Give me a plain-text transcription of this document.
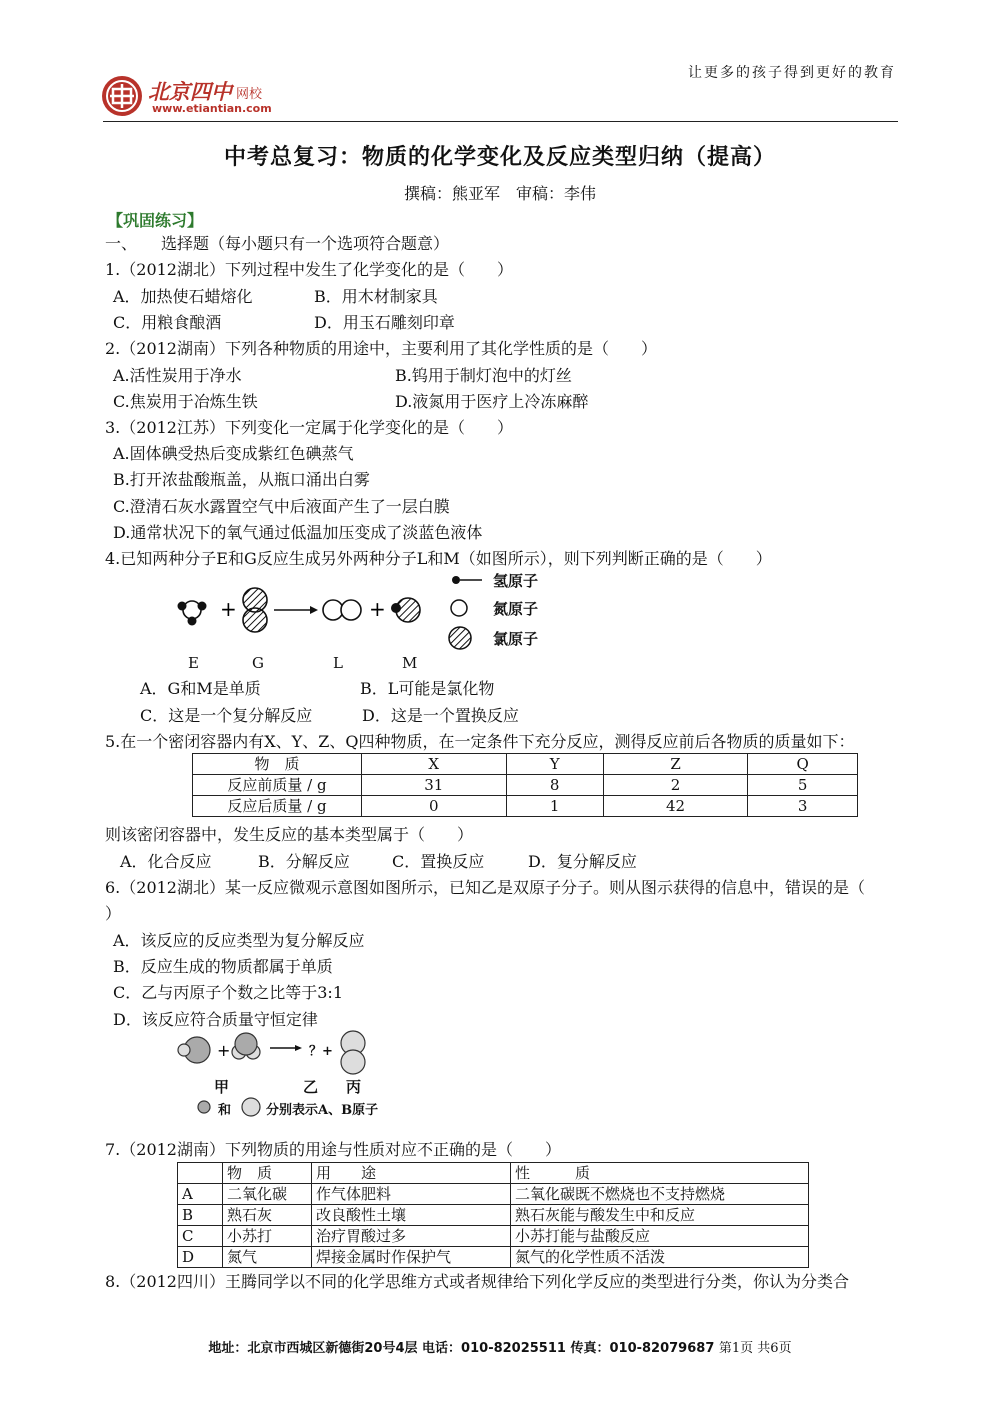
北京四中 网校
www.etiantian.com
让更多的孩子得到更好的教育
中考总复习：物质的化学变化及反应类型归纳（提高）
撰稿：熊亚军　审稿：李伟
【巩固练习】
一、　　选择题（每小题只有一个选项符合题意）
1.（2012湖北）下列过程中发生了化学变化的是（　　）
A．加热使石蜡熔化	B．用木材制家具
C．用粮食酿酒	D．用玉石雕刻印章
2.（2012湖南）下列各种物质的用途中，主要利用了其化学性质的是（　　）
A.活性炭用于净水	B.钨用于制灯泡中的灯丝
C.焦炭用于冶炼生铁	D.液氮用于医疗上冷冻麻醉
3.（2012江苏）下列变化一定属于化学变化的是（　　）
A.固体碘受热后变成紫红色碘蒸气
B.打开浓盐酸瓶盖，从瓶口涌出白雾
C.澄清石灰水露置空气中后液面产生了一层白膜
D.通常状况下的氧气通过低温加压变成了淡蓝色液体
4.已知两种分子E和G反应生成另外两种分子L和M（如图所示），则下列判断正确的是（　　）
+	+
氢原子
氮原子
氯原子
E	G	L	M
A．G和M是单质	B．L可能是氯化物
C．这是一个复分解反应	D．这是一个置换反应
5.在一个密闭容器内有X、Y、Z、Q四种物质，在一定条件下充分反应，测得反应前后各物质的质量如下：
物　质	X	Y	Z	Q
反应前质量 / g	31	8	2	5
反应后质量 / g	0	1	42	3
则该密闭容器中，发生反应的基本类型属于（　　）
A．化合反应	B．分解反应	C．置换反应	D．复分解反应
6.（2012湖北）某一反应微观示意图如图所示，已知乙是双原子分子。则从图示获得的信息中，错误的是（
）
A．该反应的反应类型为复分解反应
B．反应生成的物质都属于单质
C．乙与丙原子个数之比等于3:1
D．该反应符合质量守恒定律
+	？+
甲	乙 丙
和	分别表示A、B原子
7.（2012湖南）下列物质的用途与性质对应不正确的是（　　）
	物　质	用　　途	性　　　质
A	二氧化碳	作气体肥料	二氧化碳既不燃烧也不支持燃烧
B	熟石灰	改良酸性土壤	熟石灰能与酸发生中和反应
C	小苏打	治疗胃酸过多	小苏打能与盐酸反应
D	氮气	焊接金属时作保护气	氮气的化学性质不活泼
8.（2012四川）王腾同学以不同的化学思维方式或者规律给下列化学反应的类型进行分类，你认为分类合
地址：北京市西城区新德街20号4层 电话：010-82025511 传真：010-82079687 第1页 共6页
